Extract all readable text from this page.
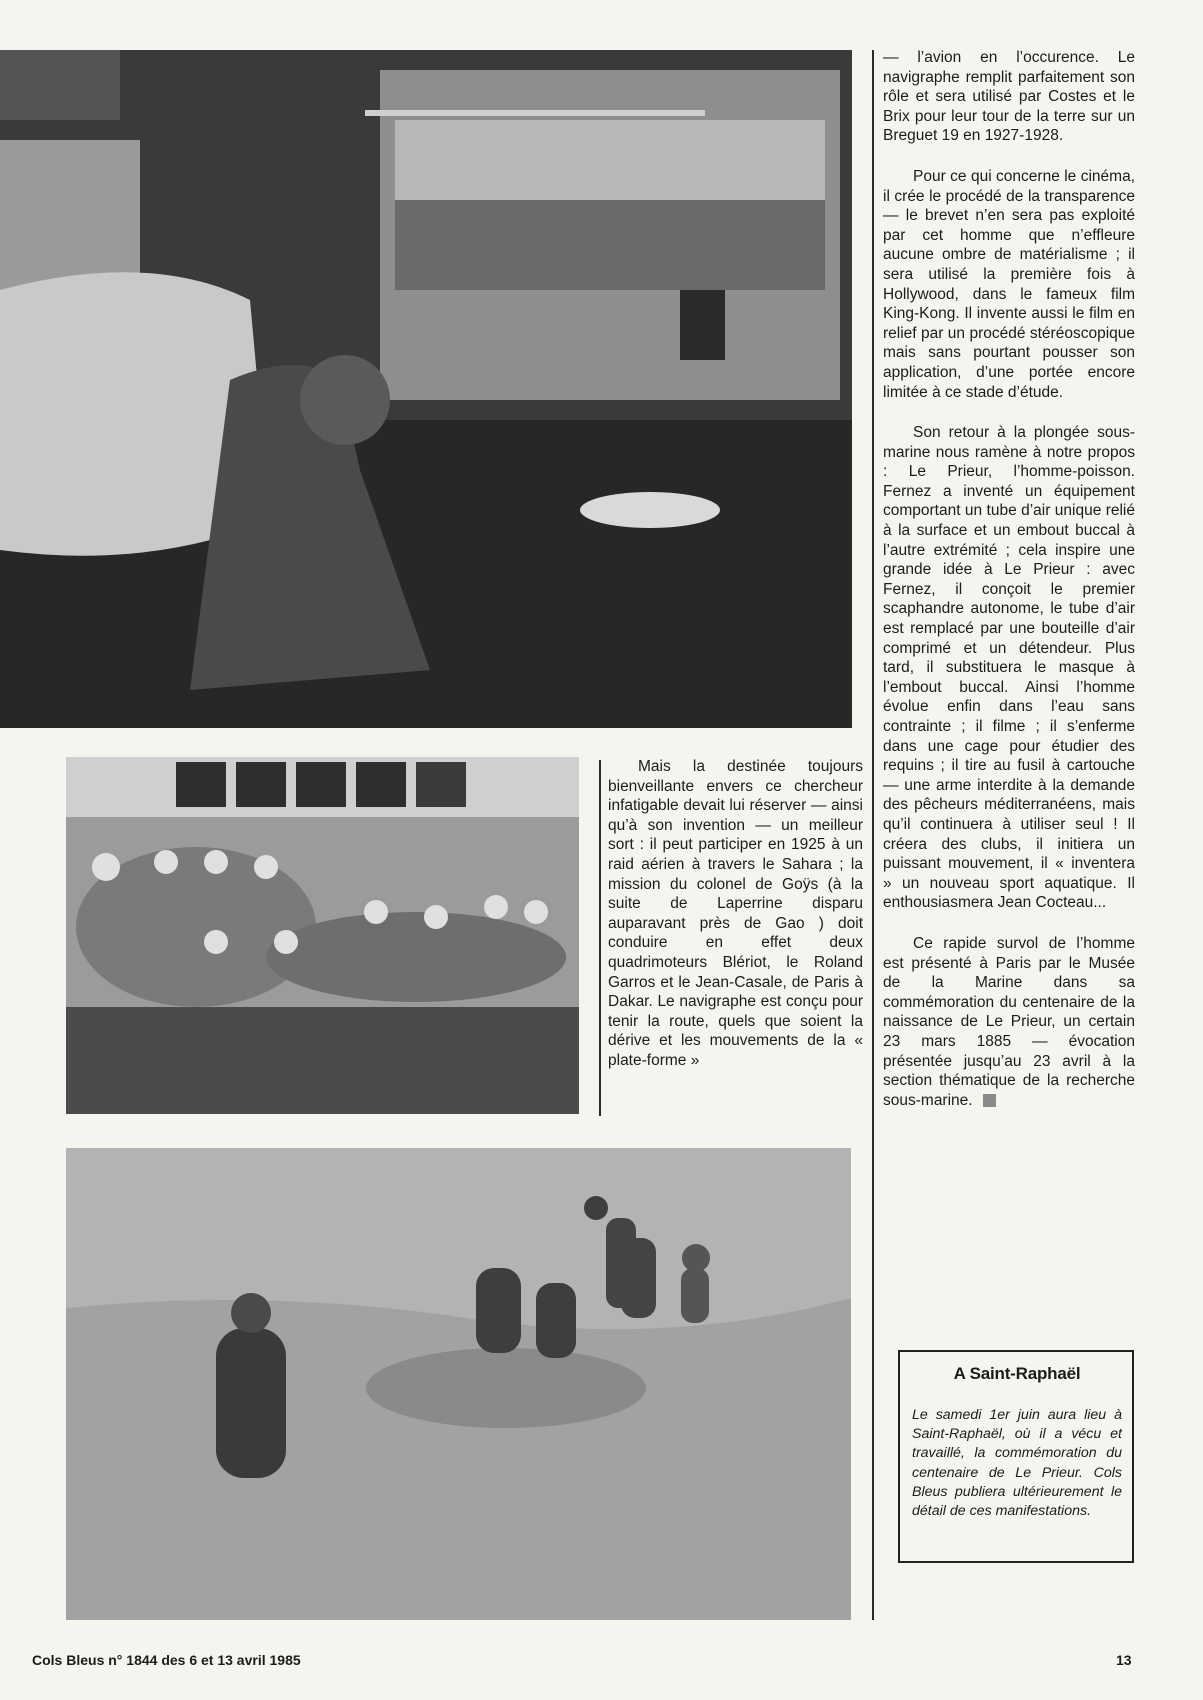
Mais la destinée toujours bienveillante envers ce chercheur infatigable devait lui réserver — ainsi qu’à son invention — un meilleur sort : il peut participer en 1925 à un raid aérien à travers le Sahara ; la mission du colonel de Goÿs (à la suite de Laperrine disparu auparavant près de Gao ) doit conduire en effet deux quadrimoteurs Blériot, le Roland Garros et le Jean-Casale, de Paris à Dakar. Le navigraphe est conçu pour tenir la route, quels que soient la dérive et les mouvements de la « plate-forme »

— l’avion en l’occurence. Le navigraphe remplit parfaitement son rôle et sera utilisé par Costes et le Brix pour leur tour de la terre sur un Breguet 19 en 1927-1928.

Pour ce qui concerne le cinéma, il crée le procédé de la transparence — le brevet n’en sera pas exploité par cet homme que n’effleure aucune ombre de matérialisme ; il sera utilisé la première fois à Hollywood, dans le fameux film King-Kong. Il invente aussi le film en relief par un procédé stéréoscopique mais sans pourtant pousser son application, d’une portée encore limitée à ce stade d’étude.

Son retour à la plongée sous-marine nous ramène à notre propos : Le Prieur, l’homme-poisson. Fernez a inventé un équipement comportant un tube d’air unique relié à la surface et un embout buccal à l’autre extrémité ; cela inspire une grande idée à Le Prieur : avec Fernez, il conçoit le premier scaphandre autonome, le tube d’air est remplacé par une bouteille d’air comprimé et un détendeur. Plus tard, il substituera le masque à l’embout buccal. Ainsi l’homme évolue enfin dans l’eau sans contrainte ; il filme ; il s’enferme dans une cage pour étudier des requins ; il tire au fusil à cartouche — une arme interdite à la demande des pêcheurs méditerranéens, mais qu’il continuera à utiliser seul ! Il créera des clubs, il initiera un puissant mouvement, il « inventera » un nouveau sport aquatique. Il enthousiasmera Jean Cocteau...

Ce rapide survol de l’homme est présenté à Paris par le Musée de la Marine dans sa commémoration du centenaire de la naissance de Le Prieur, un certain 23 mars 1885 — évocation présentée jusqu’au 23 avril à la section thématique de la recherche sous-marine.

A Saint-Raphaël

Le samedi 1er juin aura lieu à Saint-Raphaël, où il a vécu et travaillé, la commémoration du centenaire de Le Prieur. Cols Bleus publiera ultérieurement le détail de ces manifestations.

Cols Bleus n° 1844 des 6 et 13 avril 1985	13
